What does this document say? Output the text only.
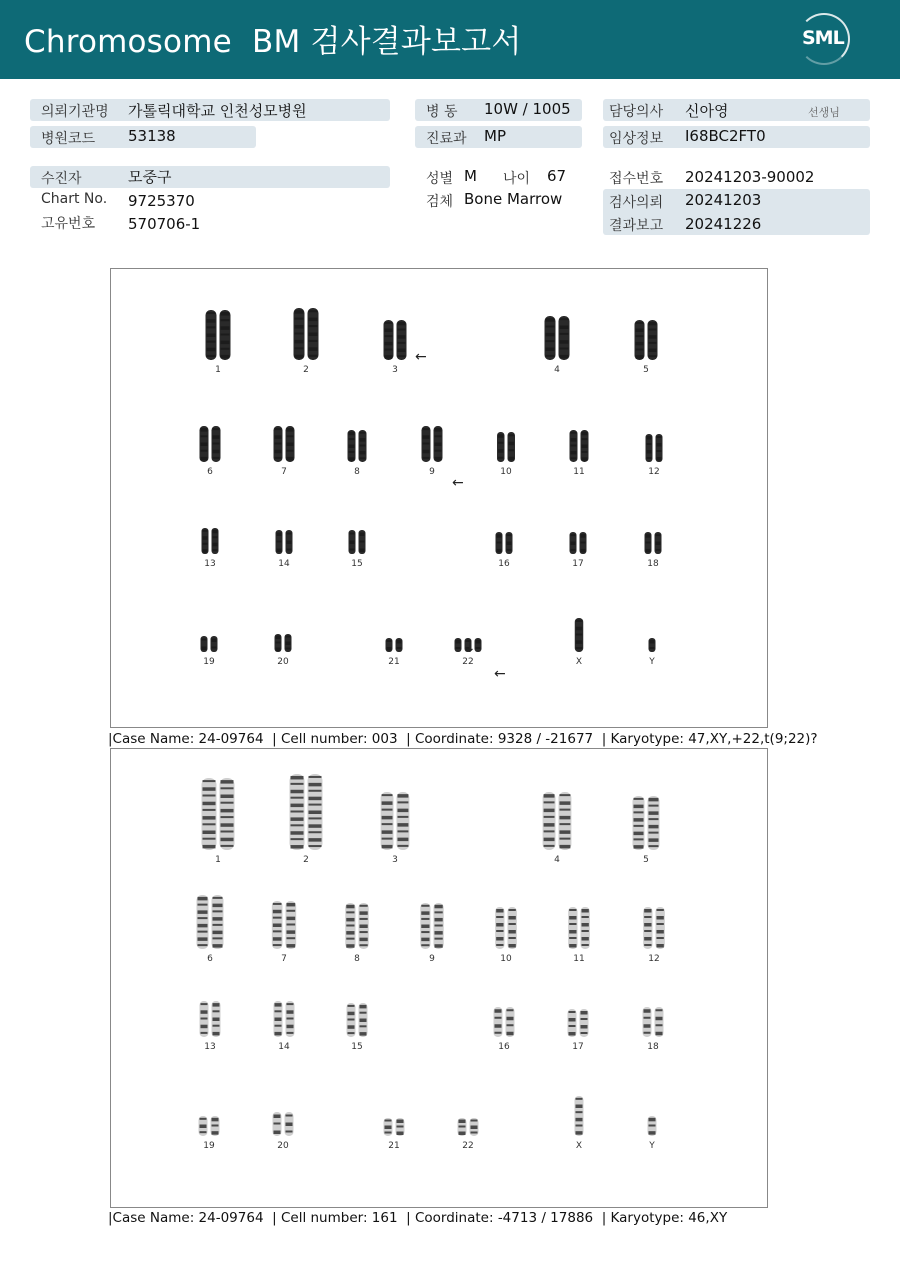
Chromosome  BM 검사결과보고서	SML
의뢰기관명 가톨릭대학교 인천성모병원
병원코드 53138
수진자	모중구
Chart No. 9725370
고유번호 570706-1
병 동 10W / 1005
진료과 MP
성별 M 나이 67
검체 Bone Marrow
담당의사 신아영	선생님
임상정보 I68BC2FT0
접수번호 20241203-90002
검사의뢰 20241203
결과보고 20241226
1	2	3	4	5
6	7	8	9	10	11	12
13	14	15	16	17	18
19	20	21	22	X	Y
←
←
↓
←
|Case Name: 24-09764  | Cell number: 003  | Coordinate: 9328 / -21677  | Karyotype: 47,XY,+22,t(9;22)?
1	2	3	4	5
6	7	8	9	10	11	12
13	14	15	16	17	18
19	20	21	22	X	Y
|Case Name: 24-09764  | Cell number: 161  | Coordinate: -4713 / 17886  | Karyotype: 46,XY
